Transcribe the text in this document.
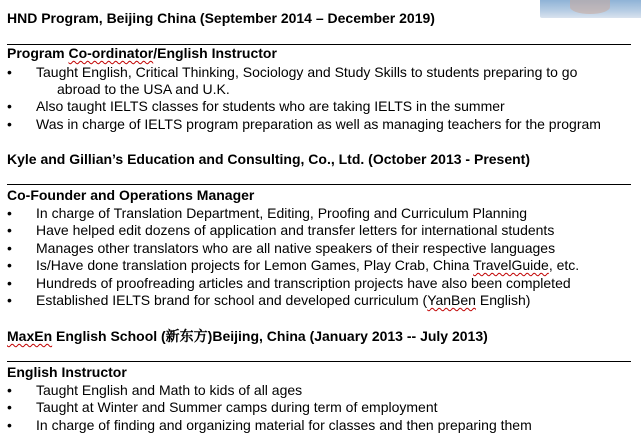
HND Program, Beijing China (September 2014 – December 2019)
Program Co-ordinator/English Instructor
•	Taught English, Critical Thinking, Sociology and Study Skills to students preparing to go
abroad to the USA and U.K.
•	Also taught IELTS classes for students who are taking IELTS in the summer
•	Was in charge of IELTS program preparation as well as managing teachers for the program
Kyle and Gillian’s Education and Consulting, Co., Ltd. (October 2013 - Present)
Co-Founder and Operations Manager
•	In charge of Translation Department, Editing, Proofing and Curriculum Planning
•	Have helped edit dozens of application and transfer letters for international students
•	Manages other translators who are all native speakers of their respective languages
•	Is/Have done translation projects for Lemon Games, Play Crab, China TravelGuide, etc.
•	Hundreds of proofreading articles and transcription projects have also been completed
•	Established IELTS brand for school and developed curriculum (YanBen English)
MaxEn English School (新东方)Beijing, China (January 2013 -- July 2013)
English Instructor
•	Taught English and Math to kids of all ages
•	Taught at Winter and Summer camps during term of employment
•	In charge of finding and organizing material for classes and then preparing them
